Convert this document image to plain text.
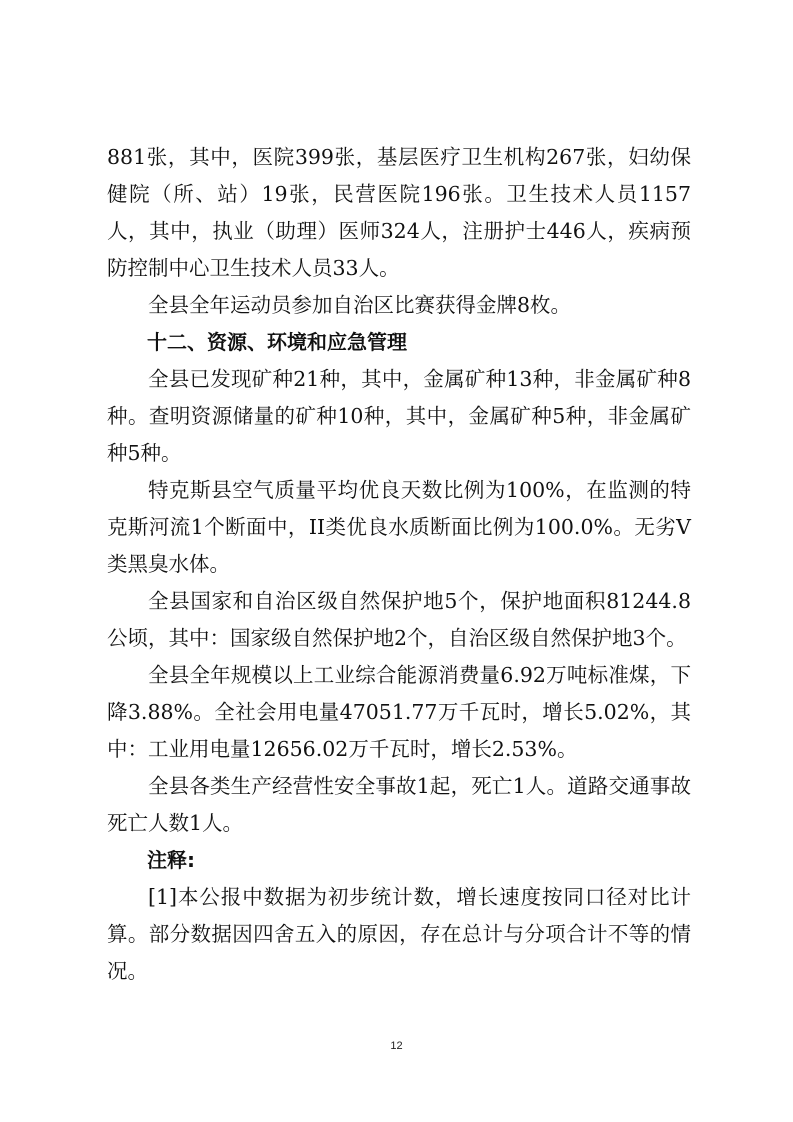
881张，其中，医院399张，基层医疗卫生机构267张，妇幼保健院（所、站）19张，民营医院196张。卫生技术人员1157人，其中，执业（助理）医师324人，注册护士446人，疾病预防控制中心卫生技术人员33人。

全县全年运动员参加自治区比赛获得金牌8枚。

十二、资源、环境和应急管理

全县已发现矿种21种，其中，金属矿种13种，非金属矿种8种。查明资源储量的矿种10种，其中，金属矿种5种，非金属矿种5种。

特克斯县空气质量平均优良天数比例为100%，在监测的特克斯河流1个断面中，II类优良水质断面比例为100.0%。无劣V类黑臭水体。

全县国家和自治区级自然保护地5个，保护地面积81244.8公顷，其中：国家级自然保护地2个，自治区级自然保护地3个。

全县全年规模以上工业综合能源消费量6.92万吨标准煤，下降3.88%。全社会用电量47051.77万千瓦时，增长5.02%，其中：工业用电量12656.02万千瓦时，增长2.53%。

全县各类生产经营性安全事故1起，死亡1人。道路交通事故死亡人数1人。

注释:

[1]本公报中数据为初步统计数，增长速度按同口径对比计算。部分数据因四舍五入的原因，存在总计与分项合计不等的情况。

12
